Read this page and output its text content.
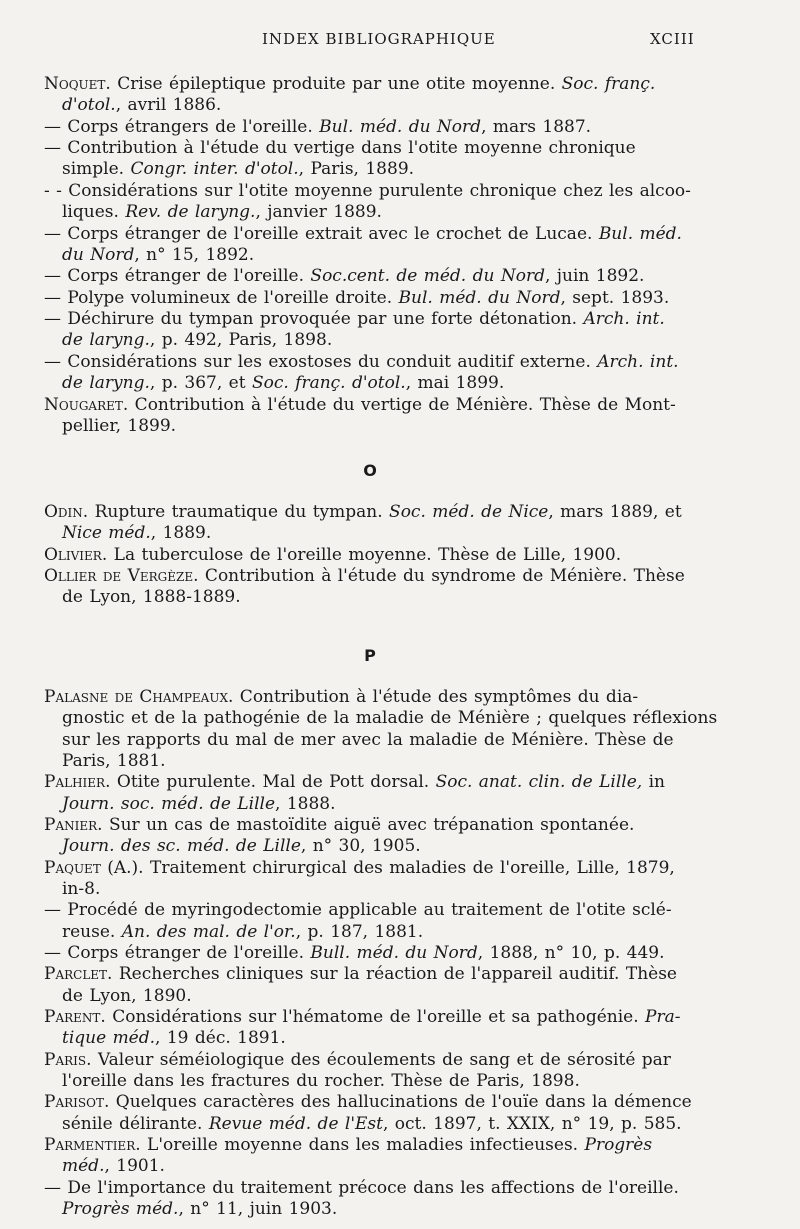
INDEX BIBLIOGRAPHIQUE	XCIII
Noquet. Crise épileptique produite par une otite moyenne. Soc. franç.
d'otol., avril 1886.
— Corps étrangers de l'oreille. Bul. méd. du Nord, mars 1887.
— Contribution à l'étude du vertige dans l'otite moyenne chronique
simple. Congr. inter. d'otol., Paris, 1889.
- - Considérations sur l'otite moyenne purulente chronique chez les alcoo-
liques. Rev. de laryng., janvier 1889.
— Corps étranger de l'oreille extrait avec le crochet de Lucae. Bul. méd.
du Nord, n° 15, 1892.
— Corps étranger de l'oreille. Soc.cent. de méd. du Nord, juin 1892.
— Polype volumineux de l'oreille droite. Bul. méd. du Nord, sept. 1893.
— Déchirure du tympan provoquée par une forte détonation. Arch. int.
de laryng., p. 492, Paris, 1898.
— Considérations sur les exostoses du conduit auditif externe. Arch. int.
de laryng., p. 367, et Soc. franç. d'otol., mai 1899.
Nougaret. Contribution à l'étude du vertige de Ménière. Thèse de Mont-
pellier, 1899.
O
Odin. Rupture traumatique du tympan. Soc. méd. de Nice, mars 1889, et
Nice méd., 1889.
Olivier. La tuberculose de l'oreille moyenne. Thèse de Lille, 1900.
Ollier de Vergèze. Contribution à l'étude du syndrome de Ménière. Thèse
de Lyon, 1888-1889.
P
Palasne de Champeaux. Contribution à l'étude des symptômes du dia-
gnostic et de la pathogénie de la maladie de Ménière ; quelques réflexions
sur les rapports du mal de mer avec la maladie de Ménière. Thèse de
Paris, 1881.
Palhier. Otite purulente. Mal de Pott dorsal. Soc. anat. clin. de Lille, in
Journ. soc. méd. de Lille, 1888.
Panier. Sur un cas de mastoïdite aiguë avec trépanation spontanée.
Journ. des sc. méd. de Lille, n° 30, 1905.
Paquet (A.). Traitement chirurgical des maladies de l'oreille, Lille, 1879,
in-8.
— Procédé de myringodectomie applicable au traitement de l'otite sclé-
reuse. An. des mal. de l'or., p. 187, 1881.
— Corps étranger de l'oreille. Bull. méd. du Nord, 1888, n° 10, p. 449.
Parclet. Recherches cliniques sur la réaction de l'appareil auditif. Thèse
de Lyon, 1890.
Parent. Considérations sur l'hématome de l'oreille et sa pathogénie. Pra-
tique méd., 19 déc. 1891.
Paris. Valeur séméiologique des écoulements de sang et de sérosité par
l'oreille dans les fractures du rocher. Thèse de Paris, 1898.
Parisot. Quelques caractères des hallucinations de l'ouïe dans la démence
sénile délirante. Revue méd. de l'Est, oct. 1897, t. XXIX, n° 19, p. 585.
Parmentier. L'oreille moyenne dans les maladies infectieuses. Progrès
méd., 1901.
— De l'importance du traitement précoce dans les affections de l'oreille.
Progrès méd., n° 11, juin 1903.
